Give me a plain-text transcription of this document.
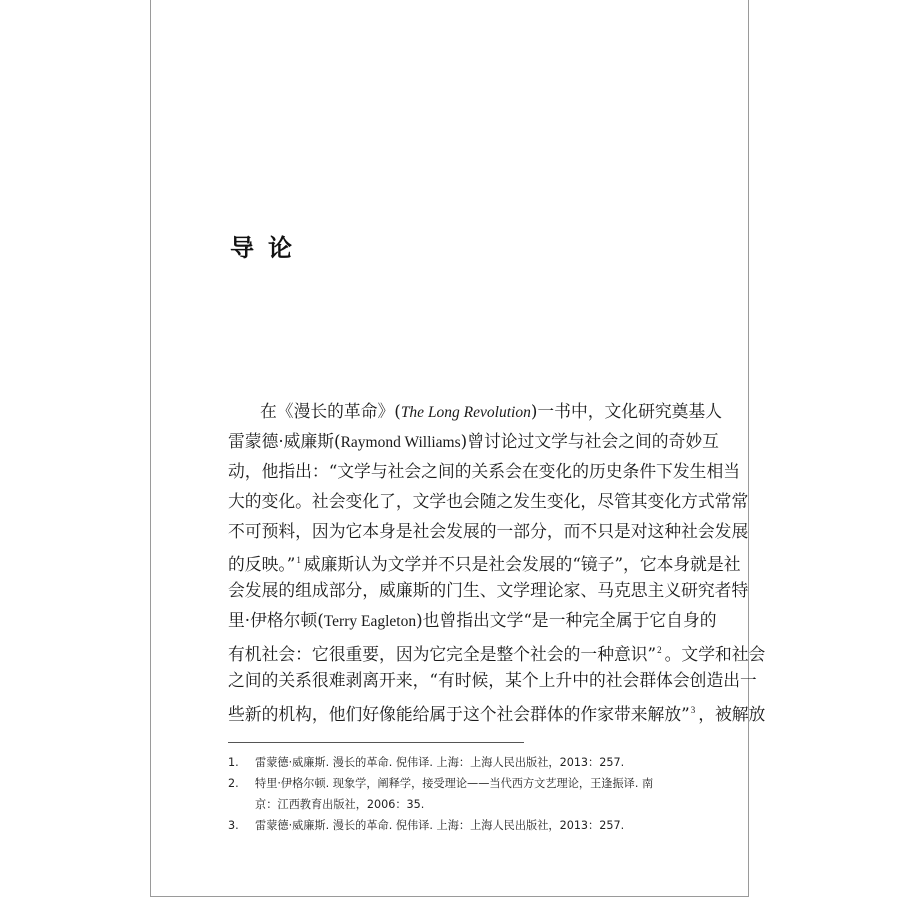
导论
在《漫长的革命》(The Long Revolution)一书中，文化研究奠基人
雷蒙德·威廉斯(Raymond Williams)曾讨论过文学与社会之间的奇妙互
动，他指出：“文学与社会之间的关系会在变化的历史条件下发生相当
大的变化。社会变化了，文学也会随之发生变化，尽管其变化方式常常
不可预料，因为它本身是社会发展的一部分，而不只是对这种社会发展
的反映。”$^1$ 威廉斯认为文学并不只是社会发展的“镜子”，它本身就是社
会发展的组成部分，威廉斯的门生、文学理论家、马克思主义研究者特
里·伊格尔顿(Terry Eagleton)也曾指出文学“是一种完全属于它自身的
有机社会：它很重要，因为它完全是整个社会的一种意识”$^2$ 。文学和社会
之间的关系很难剥离开来，“有时候，某个上升中的社会群体会创造出一
些新的机构，他们好像能给属于这个社会群体的作家带来解放”$^3$ ，被解放
1. 雷蒙德·威廉斯. 漫长的革命. 倪伟译. 上海：上海人民出版社，2013：257.
2. 特里·伊格尔顿. 现象学，阐释学，接受理论——当代西方文艺理论，王逢振译. 南
京：江西教育出版社，2006：35.
3. 雷蒙德·威廉斯. 漫长的革命. 倪伟译. 上海：上海人民出版社，2013：257.
